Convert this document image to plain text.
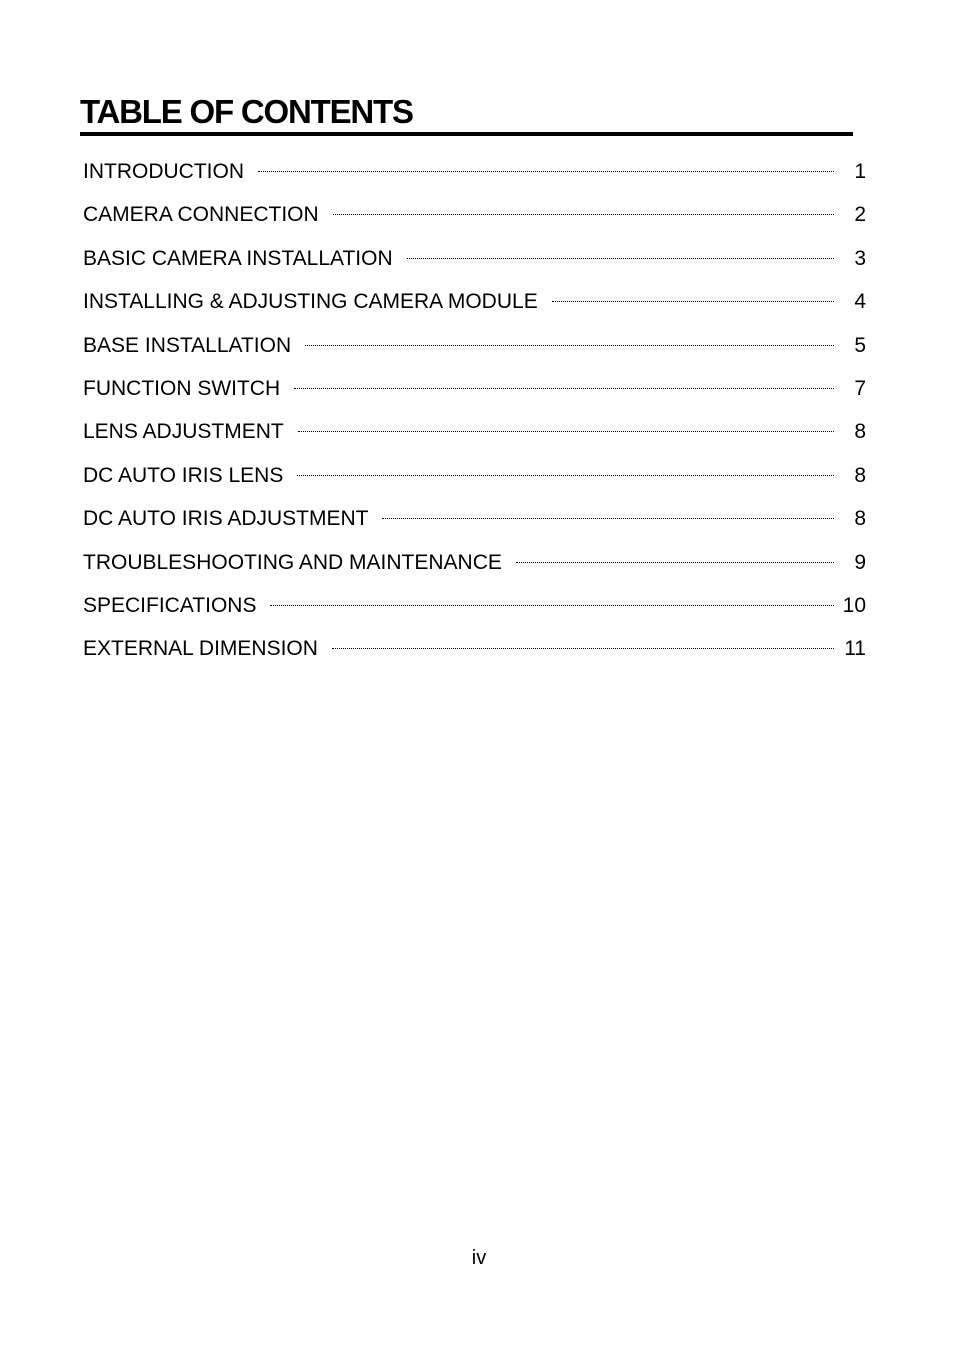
TABLE OF CONTENTS
INTRODUCTION	1
CAMERA CONNECTION	2
BASIC CAMERA INSTALLATION	3
INSTALLING & ADJUSTING CAMERA MODULE	4
BASE INSTALLATION	5
FUNCTION SWITCH	7
LENS ADJUSTMENT	8
DC AUTO IRIS LENS	8
DC AUTO IRIS ADJUSTMENT	8
TROUBLESHOOTING AND MAINTENANCE	9
SPECIFICATIONS	10
EXTERNAL DIMENSION	11
iv
